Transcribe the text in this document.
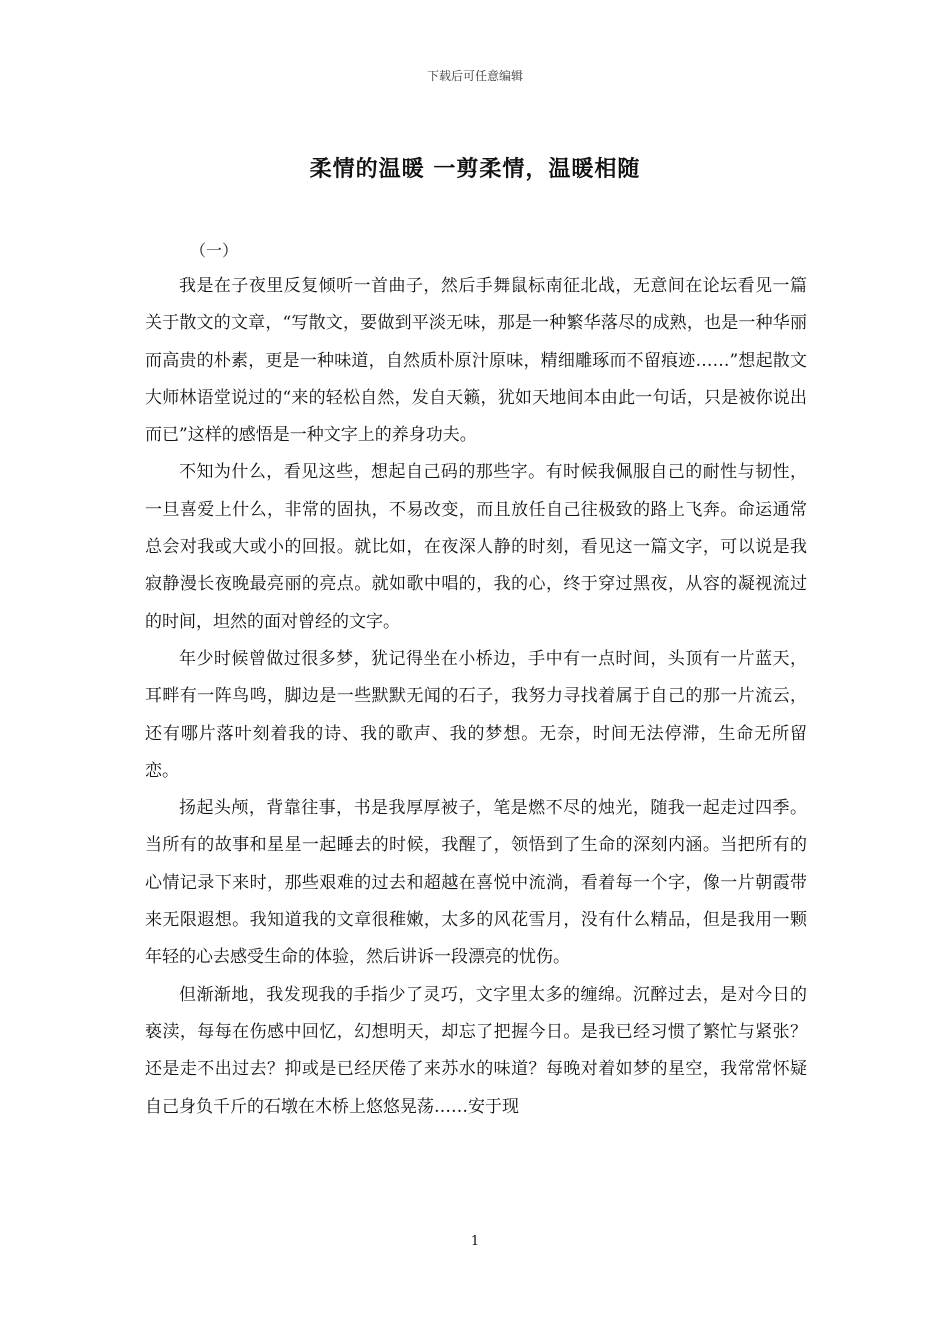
下载后可任意编辑
柔情的温暖 一剪柔情，温暖相随
（一）

我是在子夜里反复倾听一首曲子，然后手舞鼠标南征北战，无意间在论坛看见一篇关于散文的文章，“写散文，要做到平淡无味，那是一种繁华落尽的成熟，也是一种华丽而高贵的朴素，更是一种味道，自然质朴原汁原味，精细雕琢而不留痕迹……”想起散文大师林语堂说过的“来的轻松自然，发自天籁，犹如天地间本由此一句话，只是被你说出而已”这样的感悟是一种文字上的养身功夫。

不知为什么，看见这些，想起自己码的那些字。有时候我佩服自己的耐性与韧性，一旦喜爱上什么，非常的固执，不易改变，而且放任自己往极致的路上飞奔。命运通常总会对我或大或小的回报。就比如，在夜深人静的时刻，看见这一篇文字，可以说是我寂静漫长夜晚最亮丽的亮点。就如歌中唱的，我的心，终于穿过黑夜，从容的凝视流过的时间，坦然的面对曾经的文字。

年少时候曾做过很多梦，犹记得坐在小桥边，手中有一点时间，头顶有一片蓝天，耳畔有一阵鸟鸣，脚边是一些默默无闻的石子，我努力寻找着属于自己的那一片流云，还有哪片落叶刻着我的诗、我的歌声、我的梦想。无奈，时间无法停滞，生命无所留恋。

扬起头颅，背靠往事，书是我厚厚被子，笔是燃不尽的烛光，随我一起走过四季。当所有的故事和星星一起睡去的时候，我醒了，领悟到了生命的深刻内涵。当把所有的心情记录下来时，那些艰难的过去和超越在喜悦中流淌，看着每一个字，像一片朝霞带来无限遐想。我知道我的文章很稚嫩，太多的风花雪月，没有什么精品，但是我用一颗年轻的心去感受生命的体验，然后讲诉一段漂亮的忧伤。

但渐渐地，我发现我的手指少了灵巧，文字里太多的缠绵。沉醉过去，是对今日的亵渎，每每在伤感中回忆，幻想明天，却忘了把握今日。是我已经习惯了繁忙与紧张？还是走不出过去？抑或是已经厌倦了来苏水的味道？每晚对着如梦的星空，我常常怀疑自己身负千斤的石墩在木桥上悠悠晃荡……安于现

1
